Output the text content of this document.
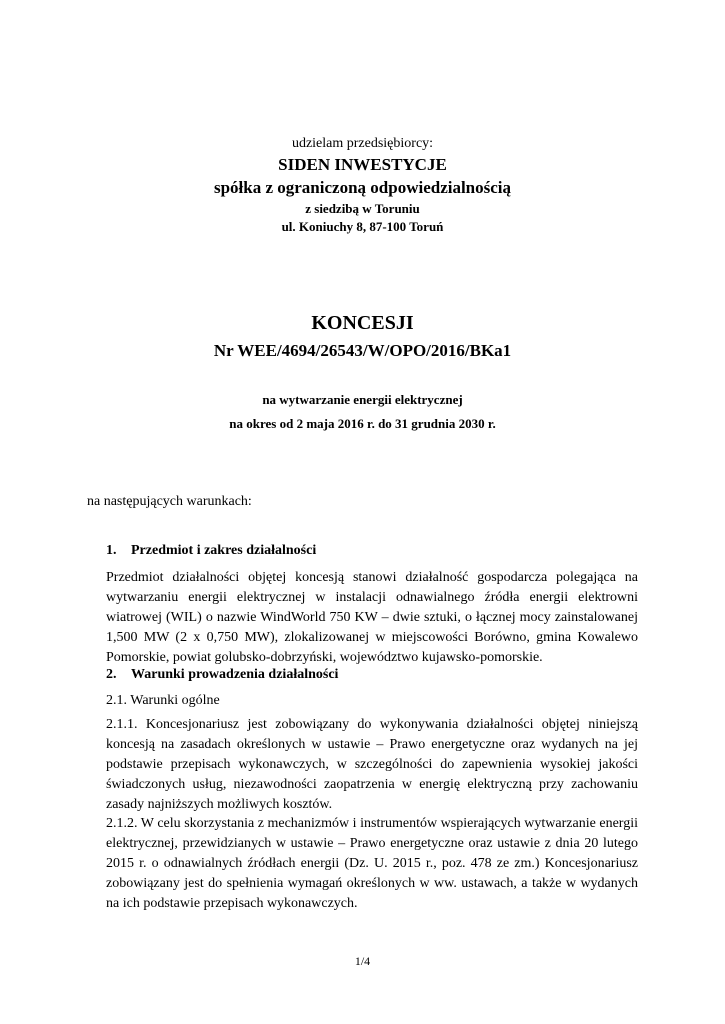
udzielam przedsiębiorcy:
SIDEN INWESTYCJE
spółka z ograniczoną odpowiedzialnością
z siedzibą w Toruniu
ul. Koniuchy 8, 87-100 Toruń
KONCESJI
Nr WEE/4694/26543/W/OPO/2016/BKa1
na wytwarzanie energii elektrycznej
na okres od 2 maja 2016 r. do 31 grudnia 2030 r.
na następujących warunkach:
1. Przedmiot i zakres działalności

Przedmiot działalności objętej koncesją stanowi działalność gospodarcza polegająca na wytwarzaniu energii elektrycznej w instalacji odnawialnego źródła energii elektrowni wiatrowej (WIL) o nazwie WindWorld 750 KW – dwie sztuki, o łącznej mocy zainstalowanej 1,500 MW (2 x 0,750 MW), zlokalizowanej w miejscowości Borówno, gmina Kowalewo Pomorskie, powiat golubsko-dobrzyński, województwo kujawsko-pomorskie.

2. Warunki prowadzenia działalności

2.1. Warunki ogólne

2.1.1. Koncesjonariusz jest zobowiązany do wykonywania działalności objętej niniejszą koncesją na zasadach określonych w ustawie – Prawo energetyczne oraz wydanych na jej podstawie przepisach wykonawczych, w szczególności do zapewnienia wysokiej jakości świadczonych usług, niezawodności zaopatrzenia w energię elektryczną przy zachowaniu zasady najniższych możliwych kosztów.

2.1.2. W celu skorzystania z mechanizmów i instrumentów wspierających wytwarzanie energii elektrycznej, przewidzianych w ustawie – Prawo energetyczne oraz ustawie z dnia 20 lutego 2015 r. o odnawialnych źródłach energii (Dz. U. 2015 r., poz. 478 ze zm.) Koncesjonariusz zobowiązany jest do spełnienia wymagań określonych w ww. ustawach, a także w wydanych na ich podstawie przepisach wykonawczych.

1/4
